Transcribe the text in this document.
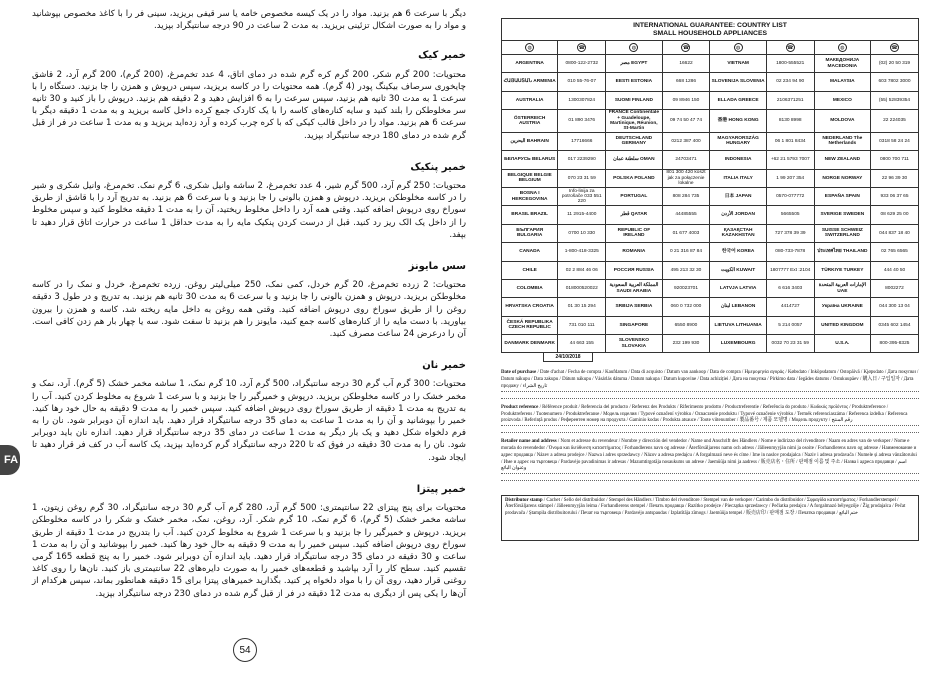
FA

دیگر با سرعت 6 هم بزنید. مواد را در یک کیسه مخصوص خامه یا سر قیفی بریزید، سینی فر را با کاغذ مخصوص بپوشانید و مواد را به صورت اشکال تزئینی بریزید. به مدت 2 ساعت در 90 درجه سانتیگراد بپزید.

خمیر کیک

محتویات: 200 گرم شکر، 200 گرم کره گرم شده در دمای اتاق، 4 عدد تخم‌مرغ، (200 گرم)، 200 گرم آرد، 2 قاشق چایخوری سرصاف بیکینگ پودر (4 گرم). همه محتویات را در کاسه بریزید، سپس درپوش و همزن را جا بزنید. دستگاه را با سرعت 1 به مدت 30 ثانیه هم بزنید، سپس سرعت را به 6 افزایش دهید و 2 دقیقه هم بزنید. درپوش را باز کنید و 30 ثانیه سر مخلوطکن را بلند کنید و سایه کناره‌های کاسه را با یک کاردک جمع کرده داخل کاسه بریزید و به مدت 1 دقیقه دیگر با سرعت 6 هم بزنید. مواد را در داخل قالب کیکی که با کره چرب کرده و آرد زده‌اید بریزید و به مدت 1 ساعت در فر از قبل گرم شده در دمای 180 درجه سانتیگراد بپزید.

خمیر پنکیک

محتویات: 250 گرم آرد، 500 گرم شیر، 4 عدد تخم‌مرغ، 2 ساشه وانیل شکری، 6 گرم نمک. تخم‌مرغ، وانیل شکری و شیر را در کاسه مخلوطکن بریزید. درپوش و همزن بالونی را جا بزنید و با سرعت 6 هم بزنید. به تدریج آرد را با قاشق از طریق سوراخ روی درپوش اضافه کنید. وقتی همه آرد را داخل مخلوط ریختید، آن را به مدت 1 دقیقه مخلوط کنید و سپس مخلوط را از داخل یک الک ریز رد کنید. قبل از درست کردن پنکیک مایه را به مدت حداقل 1 ساعت در حرارت اتاق قرار دهید تا بپفد.

سس مایونز

محتویات: 2 زرده تخم‌مرغ، 20 گرم خردل، کمی نمک، 250 میلی‌لیتر روغن. زرده تخم‌مرغ، خردل و نمک را در کاسه مخلوطکن بریزید. درپوش و همزن بالونی را جا بزنید و با سرعت 6 به مدت 30 ثانیه هم بزنید. به تدریج و در طول 3 دقیقه روغن را از طریق سوراخ روی درپوش اضافه کنید. وقتی همه روغن به داخل مایه ریخته شد، کاسه و همزن را بیرون بیاورید. با دست مایه را از کناره‌های کاسه جمع کنید، مایونز را هم بزنید تا سفت شود. سه یا چهار بار هم زدن کافی است. آن را درعرض 24 ساعت مصرف کنید.

خمیر نان

محتویات: 300 گرم آب گرم 30 درجه سانتیگراد، 500 گرم آرد، 10 گرم نمک، 1 ساشه مخمر خشک (5 گرم). آرد، نمک و مخمر خشک را در کاسه مخلوطکن بریزید. درپوش و خمیرگیر را جا بزنید و با سرعت 1 شروع به مخلوط کردن کنید. آب را به تدریج به مدت 1 دقیقه از طریق سوراخ روی درپوش اضافه کنید. سپس خمیر را به مدت 9 دقیقه به حال خود رها کنید. خمیر را بپوشانید و آن را به مدت 1 ساعت به دمای 35 درجه سانتیگراد قرار دهید. باید اندازه آن دوبرابر شود. نان را به فرم دلخواه شکل دهید و یک بار دیگر به مدت 1 ساعت در دمای 35 درجه سانتیگراد قرار دهید. اندازه نان باید دوبرابر شود. نان را به مدت 30 دقیقه در فوق که تا 220 درجه سانتیگراد گرم کرده‌اید بپزید، یک کاسه آب در کف فر قرار دهید تا ایجاد شود.

خمیر پیتزا

محتویات برای پنج پیتزای 22 سانتیمتری: 500 گرم آرد، 280 گرم آب گرم 30 درجه سانتیگراد، 30 گرم روغن زیتون، 1 ساشه مخمر خشک (5 گرم)، 6 گرم نمک، 10 گرم شکر. آرد، روغن، نمک، مخمر خشک و شکر را در کاسه مخلوطکن بریزید. درپوش و خمیرگیر را جا بزنید و با سرعت 1 شروع به مخلوط کردن کنید. آب را بتدریج در مدت 1 دقیقه از طریق سوراخ روی درپوش اضافه کنید. سپس خمیر را به مدت 9 دقیقه به حال خود رها کنید. خمیر را بپوشانید و آن را به مدت 1 ساعت و 30 دقیقه در دمای 35 درجه سانتیگراد قرار دهید. باید اندازه آن دوبرابر شود. خمیر را به پنج قطعه 165 گرمی تقسیم کنید. سطح کار را آرد بپاشید و قطعه‌های خمیر را به صورت دایره‌های 22 سانتیمتری باز کنید. نان‌ها را روی کاغذ روغنی قرار دهید، روی آن را با مواد دلخواه پر کنید. بگذارید خمیرهای پیتزا برای 15 دقیقه همانطور بماند، سپس هرکدام از آن‌ها را یکی پس از دیگری به مدت 12 دقیقه در فر از قبل گرم شده در دمای 230 درجه سانتیگراد بپزید.

54
INTERNATIONAL GUARANTEE: COUNTRY LIST
SMALL HOUSEHOLD APPLIANCES
◍	☎	◍	☎	◍	☎	◍	☎
ARGENTINA	0800-122-2732	مصر EGYPT	16622	VIETNAM	1800-555521	МАКЕДОНИЈА MACEDONIA	(02) 20 50 319
ՀԱՅԱՍՏԱՆ ARMENIA	010 55-76-07	EESTI ESTONIA	668 1286	SLOVENIJA SLOVENIA	02 234 94 90	MALAYSIA	603 7802 3000
AUSTRALIA	1300307824	SUOMI FINLAND	09 8946 150	ELLADA GREECE	2106371251	MEXICO	(55) 52839354
ÖSTERREICH AUSTRIA	01 890 3476	FRANCE Continentale + Guadeloupe, Martinique, Réunion, St-Martin	09 74 50 47 74	香港 HONG KONG	8130 8998	MOLDOVA	22 224035
البحرين BAHRAIN	17716666	DEUTSCHLAND GERMANY	0212 387 400	MAGYARORSZÁG HUNGARY	06 1 801 8434	NEDERLAND The Netherlands	0318 58 24 24
БЕЛАРУСЬ BELARUS	017 2239290	سلطنة عمان OMAN	24703471	INDONESIA	+62 21 5793 7007	NEW ZEALAND	0800 700 711
BELGIQUE BELGIE BELGIUM	070 23 31 59	POLSKA POLAND	801 300 420 koszt jak za połączenie lokalne	ITALIA ITALY	1 99 207 354	NORGE NORWAY	22 96 39 30
BOSNA I HERCEGOVINA	Info-linija za potrošače 033 551 220	PORTUGAL	808 284 735	日本 JAPAN	0570-077772	ESPAÑA SPAIN	933 06 37 65
BRASIL BRAZIL	11 2915-4400	قطر QATAR	44485555	الأردن JORDAN	5665505	SVERIGE SWEDEN	08 629 25 00
БЪЛГАРИЯ BULGARIA	0700 10 330	REPUBLIC OF IRELAND	01 677 4003	ҚАЗАҚСТАН KAZAKHSTAN	727 378 39 39	SUISSE SCHWEIZ SWITZERLAND	044 837 18 40
CANADA	1-800-418-3325	ROMANIA	0 21 316 87 84	한국어 KOREA	080-733-7878	ประเทศไทย THAILAND	02 765 6565
CHILE	02 2 884 46 06	РОССИЯ RUSSIA	495 213 32 30	الكويت KUWAIT	1807777 Ext :2104	TÜRKIYE TURKEY	444 40 50
COLOMBIA	018000520022	المملكة العربية السعودية SAUDI ARABIA	920023701	LATVJA LATVIA	6 616 3403	الإمارات العربية المتحدة UAE	8002272
HRVATSKA CROATIA	01 30 15 294	SRBIJA SERBIA	060 0 732 000	لبنان LEBANON	4414727	Україна UKRAINE	044 300 13 04
ČESKÁ REPUBLIKA CZECH REPUBLIC	731 010 111	SINGAPORE	6550 8900	LIETUVA LITHUANIA	5 214 0057	UNITED KINGDOM	0345 602 1454
DANMARK DENMARK	44 663 155	SLOVENSKO SLOVAKIA	232 199 930	LUXEMBOURG	0032 70 23 31 59	U.S.A.	800-395-8325
24/10/2018
Date of purchase / Date d'achat / Fecha de compra / Kaufdatum / Data di acquisto / Datum van aankoop / Data de compra / Ημερομηνία αγοράς / Købsdato / Inköpsdatum / Ostopäivä / Kjøpsdato / Дата покупки / Datum nákupu / Data zakupu / Dátum nákupu / Vásárlás dátuma / Datum nakupa / Datum kupovine / Data achiziției / Дата на покупка / Pirkimo data / Iegādes datums / Ostukuupäev / 購入日 / 구입일자 / Дата продажу / تاريخ الشراء
Product reference / Référence produit / Referencia del producto / Referenz des Produkts / Riferimento prodotto / Productreferentie / Referência do produto / Κωδικός προϊόντος / Produktreference / Produktreferens / Tuotenumero / Produktreferanse / Модель изделия / Typové označení výrobku / Oznaczenie produktu / Typové označenie výrobku / Termék referenciaszáma / Referenca izdelka / Referenca proizvoda / Referință produs / Референтен номер на продукта / Gaminio kodas / Produkta atsauce / Toote viitenumber / 製品番号 / 제품 모델명 / Модель продукту / رقم المنتج
Retailer name and address / Nom et adresse du revendeur / Nombre y dirección del vendedor / Name und Anschrift des Händlers / Nome e indirizzo del rivenditore / Naam en adres van de verkoper / Nome e morada do revendedor / Όνομα και διεύθυνση καταστήματος / Forhandlerens navn og adresse / Återförsäljarens namn och adress / Jälleenmyyjän nimi ja osoite / Forhandlerens navn og adresse / Наименование и адрес продавца / Název a adresa prodejce / Nazwa i adres sprzedawcy / Názov a adresa predajcu / A forgalmazó neve és címe / Ime in naslov prodajalca / Naziv i adresa prodavača / Numele și adresa vânzătorului / Име и адрес на търговеца / Pardavėjo pavadinimas ir adresas / Mazumtirgotāja nosaukums un adrese / Jaemüüja nimi ja aadress / 販売店名・住所 / 판매점 이름 및 주소 / Назва і адреса продавця / اسم وعنوان البائع
Distributor stamp / Cachet / Sello del distribuidor / Stempel des Händlers / Timbro del rivenditore / Stempel van de verkoper / Carimbo do distribuidor / Σφραγίδα καταστήματος / Forhandlerstempel / Återförsäljarens stämpel / Jälleenmyyjän leima / Forhandlerens stempel / Печать продавца / Razítko prodejce / Pieczątka sprzedawcy / Pečiatka predajcu / A forgalmazó bélyegzője / Žig prodajalca / Pečat prodavača / Ștampila distribuitorului / Печат на търговеца / Pardavėjo antspaudas / Izplatītāja zīmogs / Jaemüüja tempel / 販売店印 / 판매점 도장 / Печатка продавця / ختم البائع
